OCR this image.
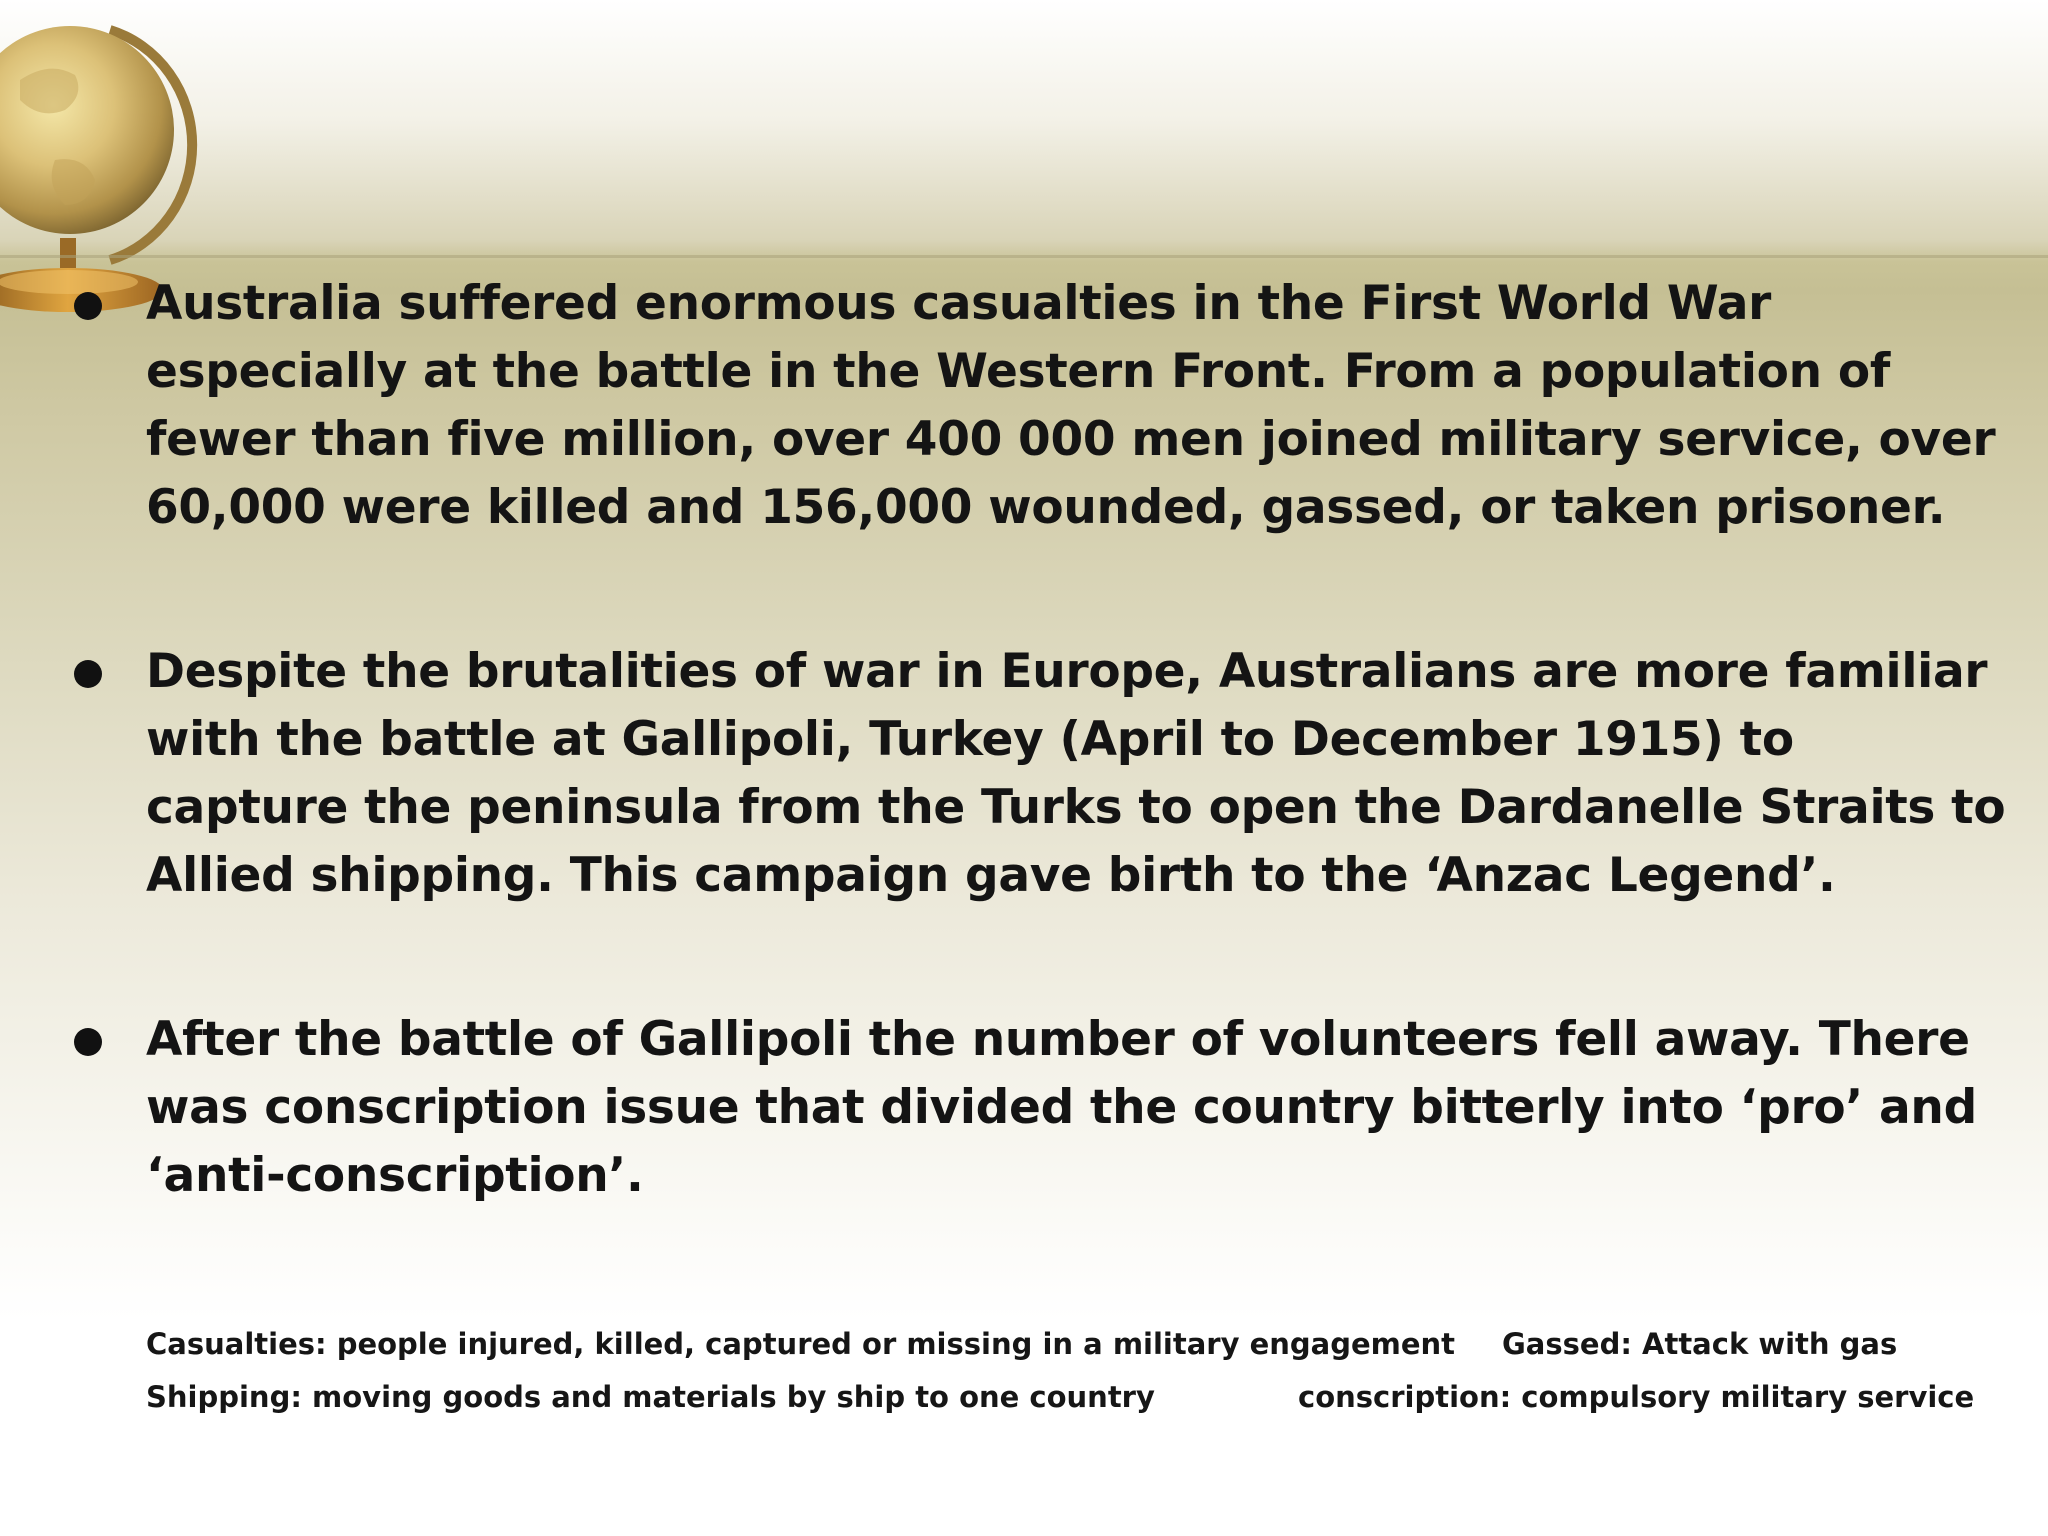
Australia suffered enormous casualties in the First World War especially at the battle in the Western Front. From a population of fewer than five million, over 400 000 men joined military service, over 60,000 were killed and 156,000 wounded, gassed, or taken prisoner.
Despite the brutalities of war in Europe, Australians are more familiar with the battle at Gallipoli, Turkey (April to December 1915) to capture the peninsula from the Turks to open the Dardanelle Straits to Allied shipping. This campaign gave birth to the ‘Anzac Legend’.
After the battle of Gallipoli the number of volunteers fell away. There was conscription issue that divided the country bitterly into ‘pro’ and ‘anti-conscription’.
Casualties: people injured, killed, captured or missing in a military engagement Gassed: Attack with gas
Shipping: moving goods and materials by ship to one country	conscription: compulsory military service
